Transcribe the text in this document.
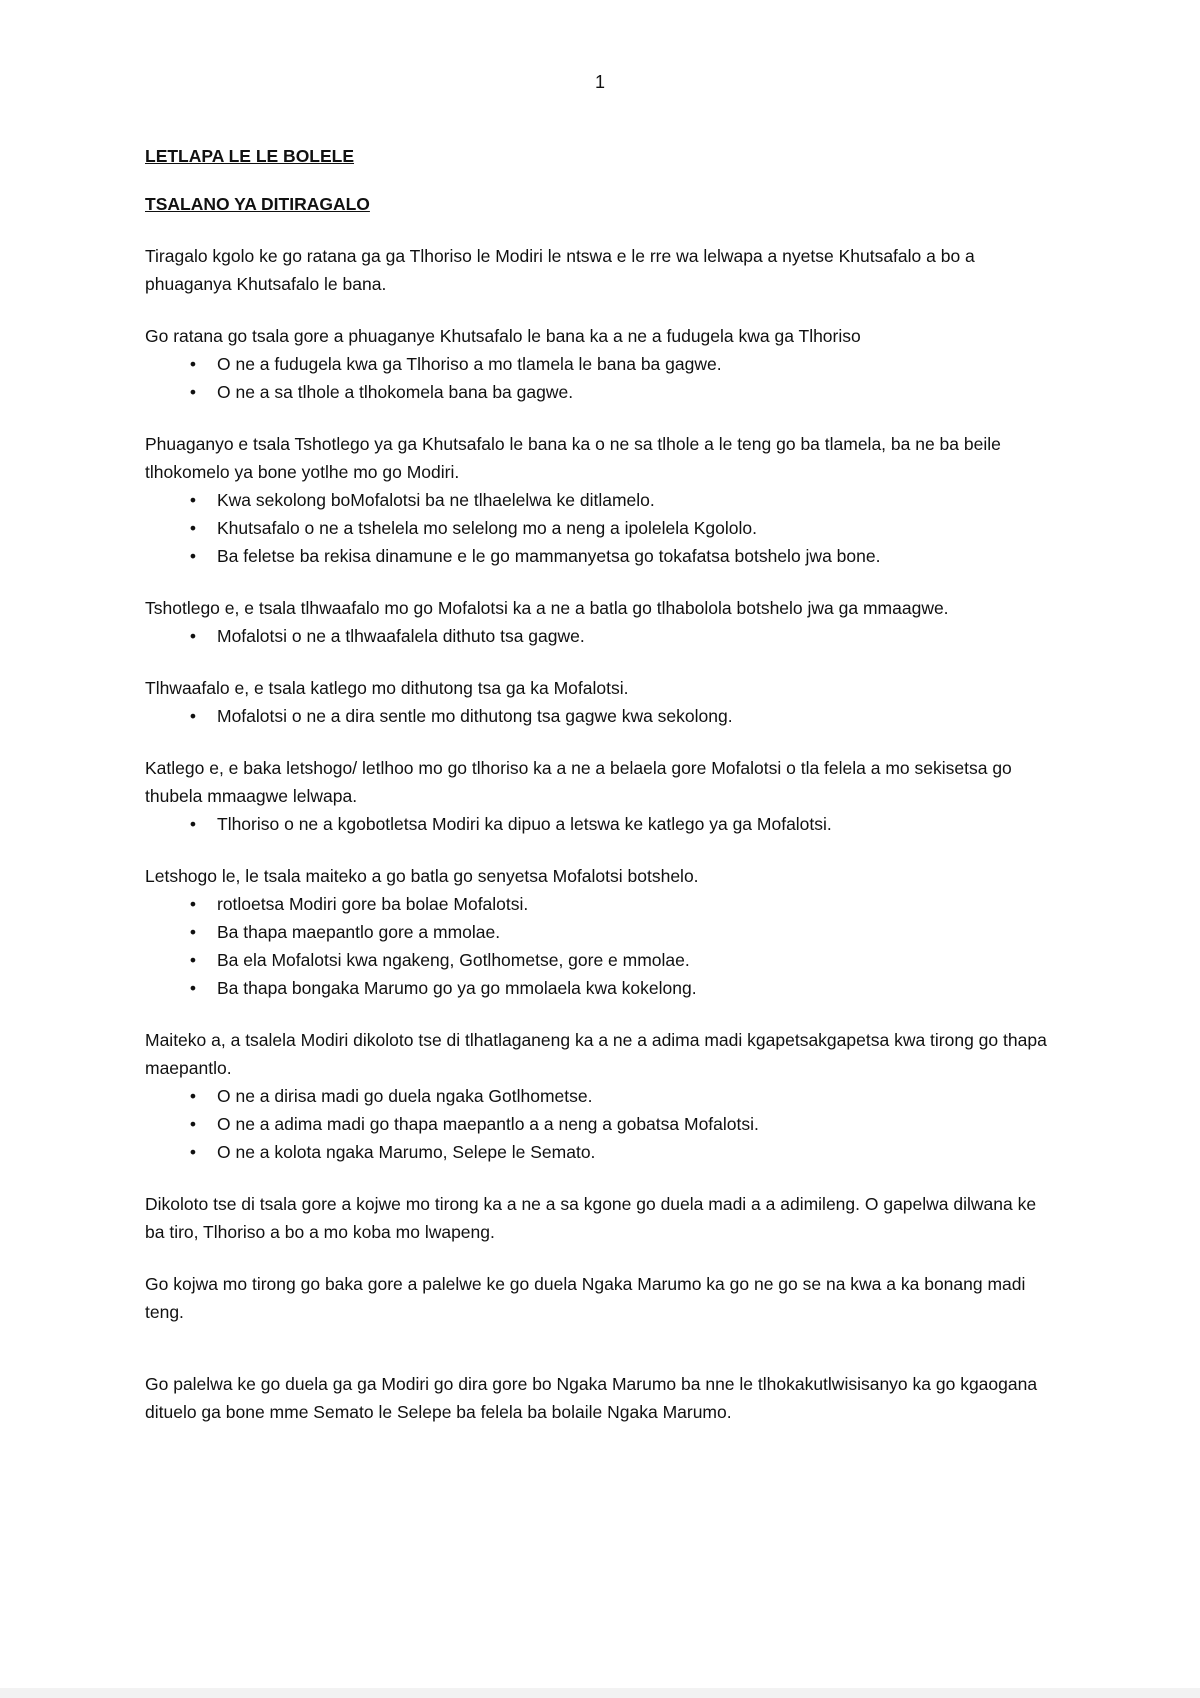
1

LETLAPA LE LE BOLELE

TSALANO YA DITIRAGALO

Tiragalo kgolo ke go ratana ga ga Tlhoriso le Modiri le ntswa e le rre wa lelwapa a nyetse Khutsafalo a bo a phuaganya Khutsafalo le bana.

Go ratana go tsala gore a phuaganye Khutsafalo le bana ka a ne a fudugela kwa ga Tlhoriso

•	O ne a fudugela kwa ga Tlhoriso a mo tlamela le bana ba gagwe.
•	O ne a sa tlhole a tlhokomela bana ba gagwe.

Phuaganyo e tsala Tshotlego ya ga Khutsafalo le bana ka o ne sa tlhole a le teng go ba tlamela, ba ne ba beile tlhokomelo ya bone yotlhe mo go Modiri.

•	Kwa sekolong boMofalotsi ba ne tlhaelelwa ke ditlamelo.
•	Khutsafalo o ne a tshelela mo selelong mo a neng a ipolelela Kgololo.
•	Ba feletse ba rekisa dinamune e le go mammanyetsa go tokafatsa botshelo jwa bone.

Tshotlego e, e tsala tlhwaafalo mo go Mofalotsi ka a ne a batla go tlhabolola botshelo jwa ga mmaagwe.

•	Mofalotsi o ne a tlhwaafalela dithuto tsa gagwe.

Tlhwaafalo e, e tsala katlego mo dithutong tsa ga ka Mofalotsi.

•	Mofalotsi o ne a dira sentle mo dithutong tsa gagwe kwa sekolong.

Katlego e, e baka letshogo/ letlhoo mo go tlhoriso ka a ne a belaela gore Mofalotsi o tla felela a mo sekisetsa go thubela mmaagwe lelwapa.

•	Tlhoriso o ne a kgobotletsa Modiri ka dipuo a letswa ke katlego ya ga Mofalotsi.

Letshogo le, le tsala maiteko a go batla go senyetsa Mofalotsi botshelo.

•	rotloetsa Modiri gore ba bolae Mofalotsi.
•	Ba thapa maepantlo gore a mmolae.
•	Ba ela Mofalotsi kwa ngakeng, Gotlhometse, gore e mmolae.
•	Ba thapa bongaka Marumo go ya go mmolaela kwa kokelong.

Maiteko a, a tsalela Modiri dikoloto tse di tlhatlaganeng ka a ne a adima madi kgapetsakgapetsa kwa tirong go thapa maepantlo.

•	O ne a dirisa madi go duela ngaka Gotlhometse.
•	O ne a adima madi go thapa maepantlo a a neng a gobatsa Mofalotsi.
•	O ne a kolota ngaka Marumo, Selepe le Semato.

Dikoloto tse di tsala gore a kojwe mo tirong ka a ne a sa kgone go duela madi a a adimileng. O gapelwa dilwana ke ba tiro, Tlhoriso a bo a mo koba mo lwapeng.

Go kojwa mo tirong go baka gore a palelwe ke go duela Ngaka Marumo ka go ne go se na kwa a ka bonang madi teng.

Go palelwa ke go duela ga ga Modiri go dira gore bo Ngaka Marumo ba nne le tlhokakutlwisisanyo ka go kgaogana dituelo ga bone mme Semato le Selepe ba felela ba bolaile Ngaka Marumo.
